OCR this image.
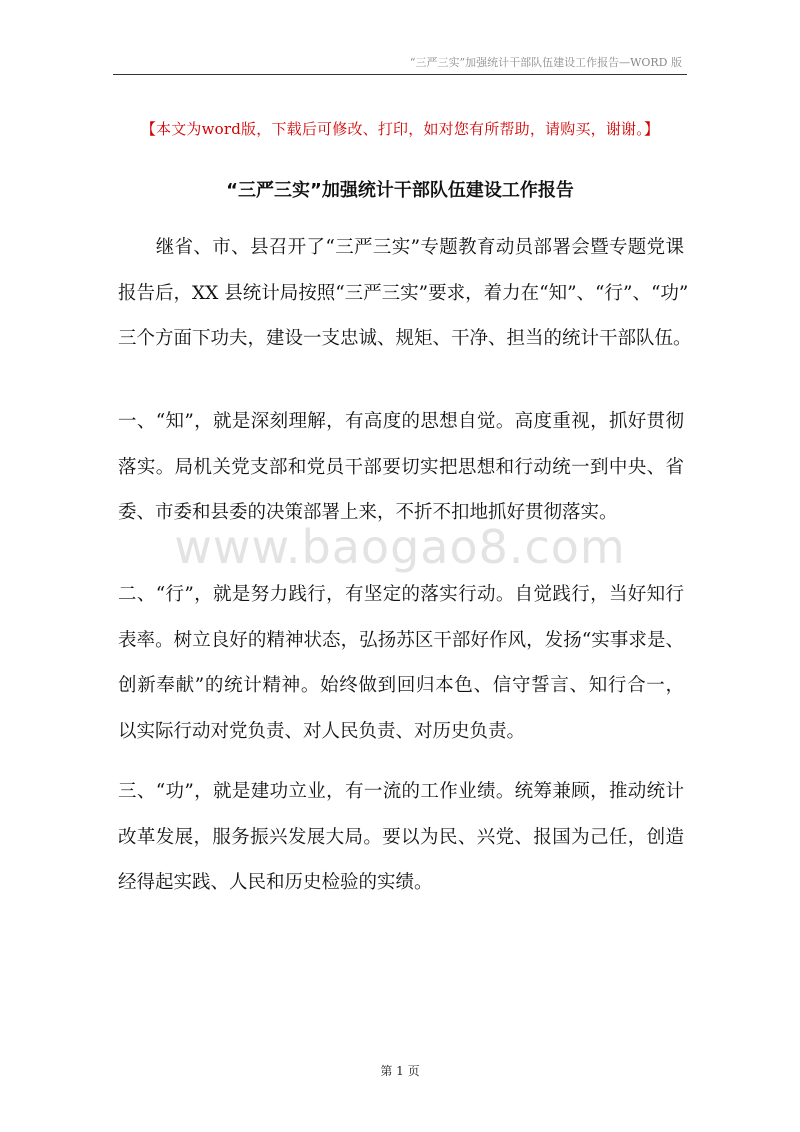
“三严三实”加强统计干部队伍建设工作报告—WORD 版
【本文为word版，下载后可修改、打印，如对您有所帮助，请购买，谢谢。】
“三严三实”加强统计干部队伍建设工作报告
www.baogao8.com
　　继省、市、县召开了“三严三实”专题教育动员部署会暨专题党课
报告后，XX 县统计局按照“三严三实”要求，着力在“知”、“行”、“功”
三个方面下功夫，建设一支忠诚、规矩、干净、担当的统计干部队伍。
一、“知”，就是深刻理解，有高度的思想自觉。高度重视，抓好贯彻
落实。局机关党支部和党员干部要切实把思想和行动统一到中央、省
委、市委和县委的决策部署上来，不折不扣地抓好贯彻落实。
二、“行”，就是努力践行，有坚定的落实行动。自觉践行，当好知行
表率。树立良好的精神状态，弘扬苏区干部好作风，发扬“实事求是、
创新奉献”的统计精神。始终做到回归本色、信守誓言、知行合一，
以实际行动对党负责、对人民负责、对历史负责。
三、“功”，就是建功立业，有一流的工作业绩。统筹兼顾，推动统计
改革发展，服务振兴发展大局。要以为民、兴党、报国为己任，创造
经得起实践、人民和历史检验的实绩。
第 1 页
